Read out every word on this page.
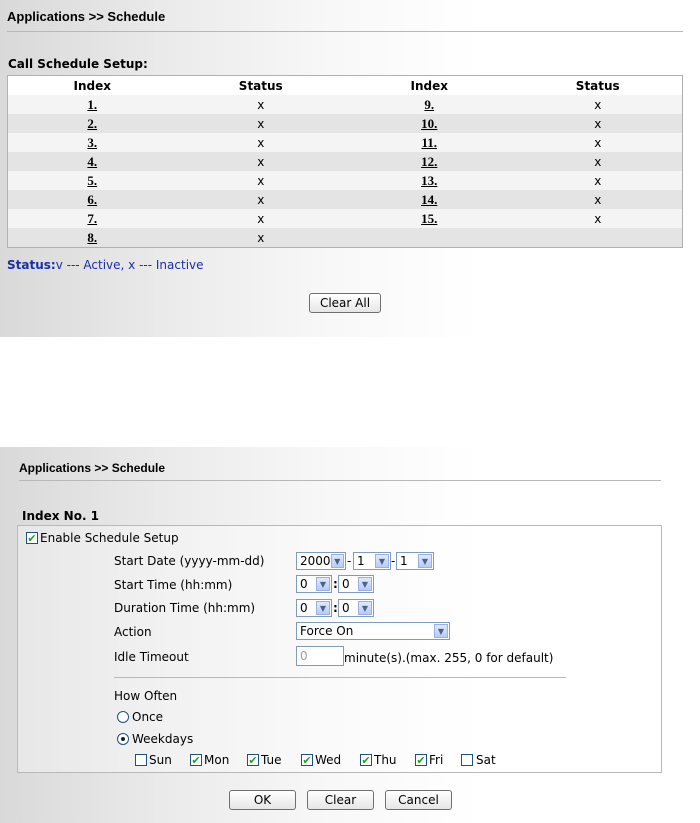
Applications >> Schedule
Call Schedule Setup:
Index	Status	Index	Status
1.	x	9.	x
2.	x	10.	x
3.	x	11.	x
4.	x	12.	x
5.	x	13.	x
6.	x	14.	x
7.	x	15.	x
8.	x		
Status:v --- Active, x --- Inactive
Clear All
Applications >> Schedule
Index No. 1
✔ Enable Schedule Setup
Start Date (yyyy-mm-dd)	2000 ▼ - 1	▼ - 1	▼
Start Time (hh:mm)	0	▼ : 0	▼
Duration Time (hh:mm)	0	▼ : 0	▼
Action	Force On	▼
Idle Timeout	0	minute(s).(max. 255, 0 for default)
How Often
Once
Weekdays
Sun ✔ Mon ✔ Tue ✔ Wed ✔ Thu ✔ Fri	Sat
OK	Clear	Cancel
